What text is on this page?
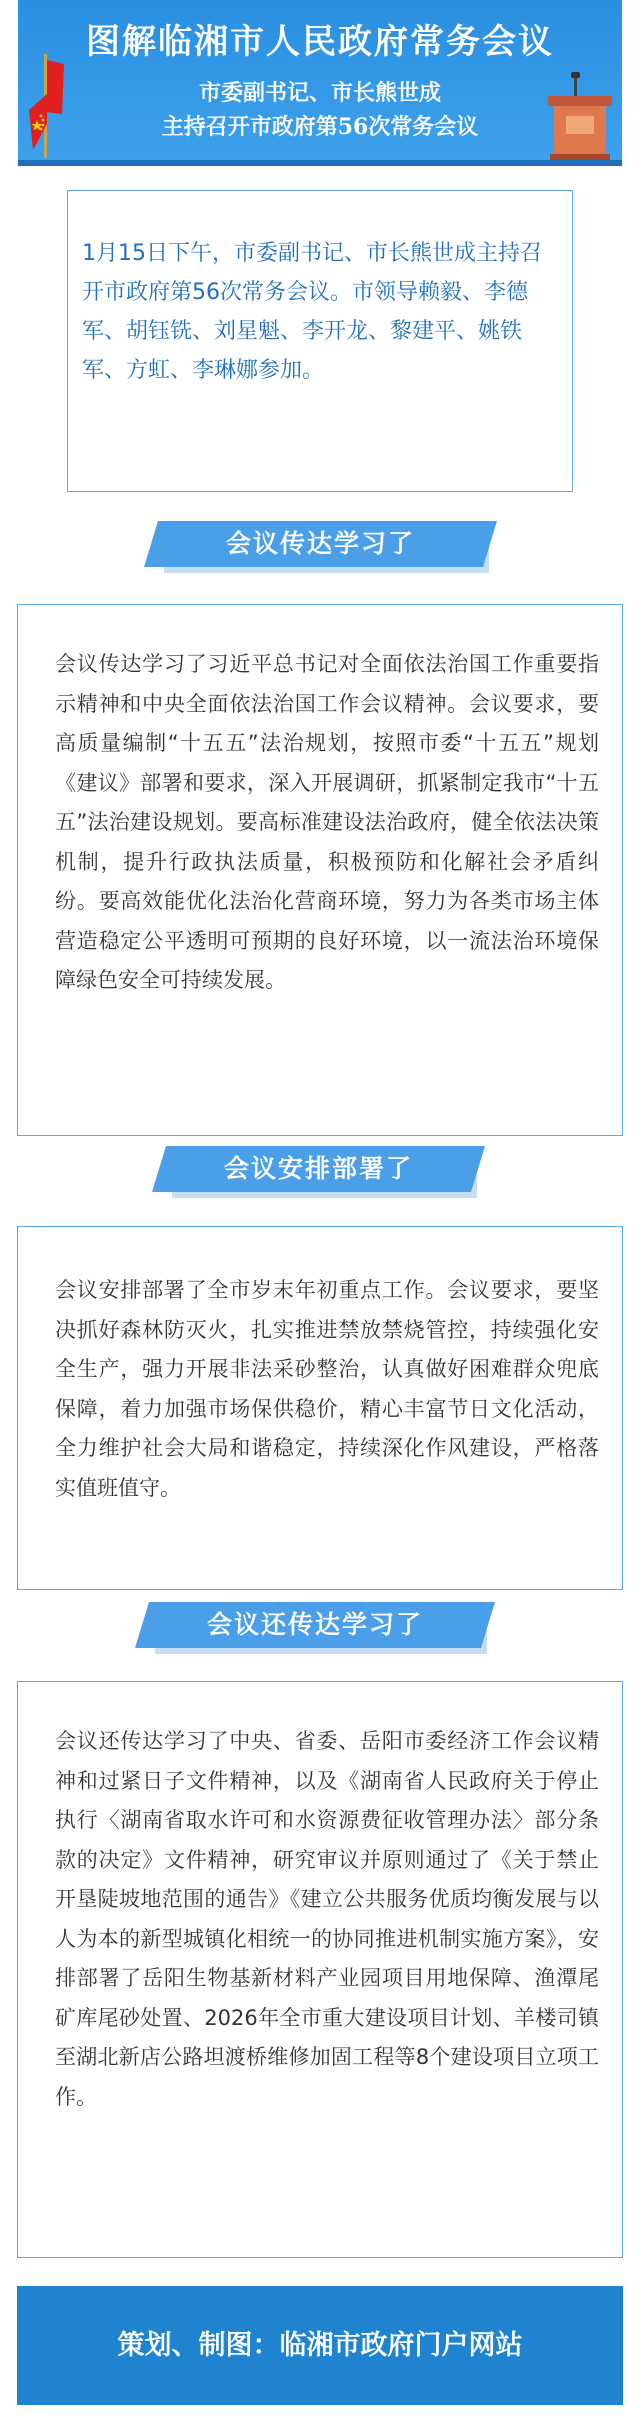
图解临湘市人民政府常务会议
市委副书记、市长熊世成
主持召开市政府第56次常务会议
1月15日下午，市委副书记、市长熊世成主持召开市政府第56次常务会议。市领导赖毅、李德军、胡钰铣、刘星魁、李开龙、黎建平、姚铁军、方虹、李琳娜参加。
会议传达学习了
会议传达学习了习近平总书记对全面依法治国工作重要指示精神和中央全面依法治国工作会议精神。会议要求，要高质量编制“十五五”法治规划，按照市委“十五五”规划《建议》部署和要求，深入开展调研，抓紧制定我市“十五五”法治建设规划。要高标准建设法治政府，健全依法决策机制，提升行政执法质量，积极预防和化解社会矛盾纠纷。要高效能优化法治化营商环境，努力为各类市场主体营造稳定公平透明可预期的良好环境，以一流法治环境保障绿色安全可持续发展。
会议安排部署了
会议安排部署了全市岁末年初重点工作。会议要求，要坚决抓好森林防灭火，扎实推进禁放禁烧管控，持续强化安全生产，强力开展非法采砂整治，认真做好困难群众兜底保障，着力加强市场保供稳价，精心丰富节日文化活动，全力维护社会大局和谐稳定，持续深化作风建设，严格落实值班值守。
会议还传达学习了
会议还传达学习了中央、省委、岳阳市委经济工作会议精神和过紧日子文件精神，以及《湖南省人民政府关于停止执行〈湖南省取水许可和水资源费征收管理办法〉部分条款的决定》文件精神，研究审议并原则通过了《关于禁止开垦陡坡地范围的通告》《建立公共服务优质均衡发展与以人为本的新型城镇化相统一的协同推进机制实施方案》，安排部署了岳阳生物基新材料产业园项目用地保障、渔潭尾矿库尾砂处置、2026年全市重大建设项目计划、羊楼司镇至湖北新店公路坦渡桥维修加固工程等8个建设项目立项工作。
策划、制图：临湘市政府门户网站
